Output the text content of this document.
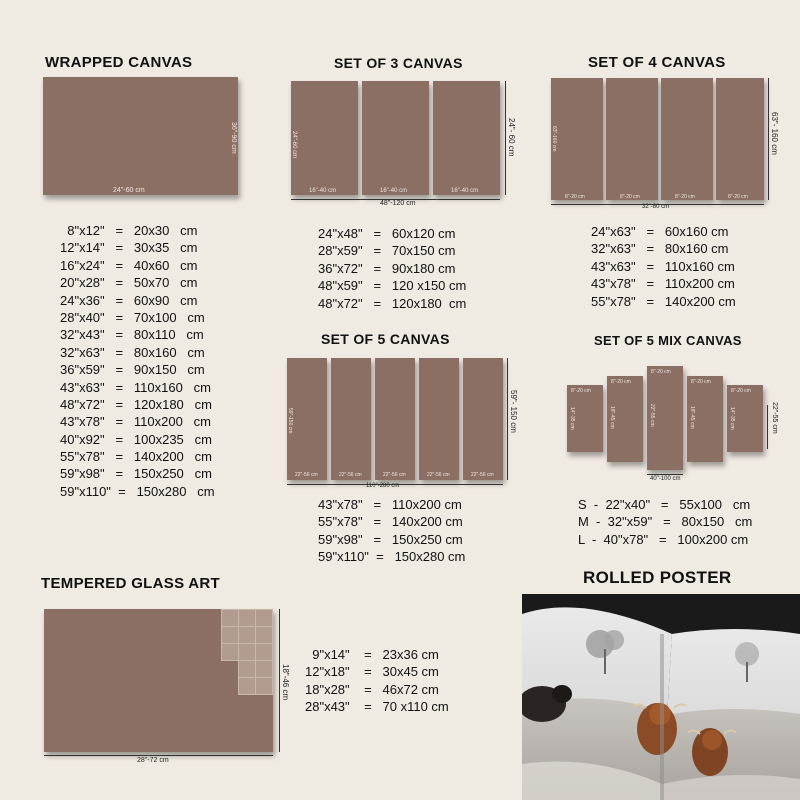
WRAPPED CANVAS
24"-60 cm
36"-90 cm
8"x12"   =   20x30   cm
12"x14"   =   30x35   cm
16"x24"   =   40x60   cm
20"x28"   =   50x70   cm
24"x36"   =   60x90   cm
28"x40"   =   70x100   cm
32"x43"   =   80x110   cm
32"x63"   =   80x160   cm
36"x59"   =   90x150   cm
43"x63"   =   110x160   cm
48"x72"   =   120x180   cm
43"x78"   =   110x200   cm
40"x92"   =   100x235   cm
55"x78"   =   140x200   cm
59"x98"   =   150x250   cm
59"x110"  =   150x280   cm
SET OF 3 CANVAS
24"-60 cm
16"-40 cm	16"-40 cm	16"-40 cm
48"-120 cm
24"- 60 cm
24"x48"   =   60x120 cm
28"x59"   =   70x150 cm
36"x72"   =   90x180 cm
48"x59"   =   120 x150 cm
48"x72"   =   120x180  cm
SET OF 4 CANVAS
63"-160 cm
8"-20 cm	8"-20 cm	8"-20 cm	8"-20 cm
32"-80 cm
63"- 160 cm
24"x63"   =   60x160 cm
32"x63"   =   80x160 cm
43"x63"   =   110x160 cm
43"x78"   =   110x200 cm
55"x78"   =   140x200 cm
SET OF 5 CANVAS
59"-150 cm
22"-56 cm	22"-56 cm	22"-56 cm	22"-56 cm	22"-56 cm
110"-280 cm
59"- 150 cm
43"x78"   =   110x200 cm
55"x78"   =   140x200 cm
59"x98"   =   150x250 cm
59"x110"  =   150x280 cm
SET OF 5 MIX CANVAS
8"-20 cm
14"-35 cm
8"-20 cm
18"-45 cm
8"-20 cm
22"-55 cm
8"-20 cm
18"-45 cm
8"-20 cm
14"-35 cm
40"-100 cm
22"-55 cm
S  -  22"x40"   =   55x100   cm
M  -  32"x59"   =   80x150   cm
L  -  40"x78"   =   100x200 cm
TEMPERED GLASS ART
28"-72 cm
18"-46 cm
9"x14"    =   23x36 cm
12"x18"    =   30x45 cm
18"x28"    =   46x72 cm
28"x43"    =   70 x110 cm
ROLLED POSTER
